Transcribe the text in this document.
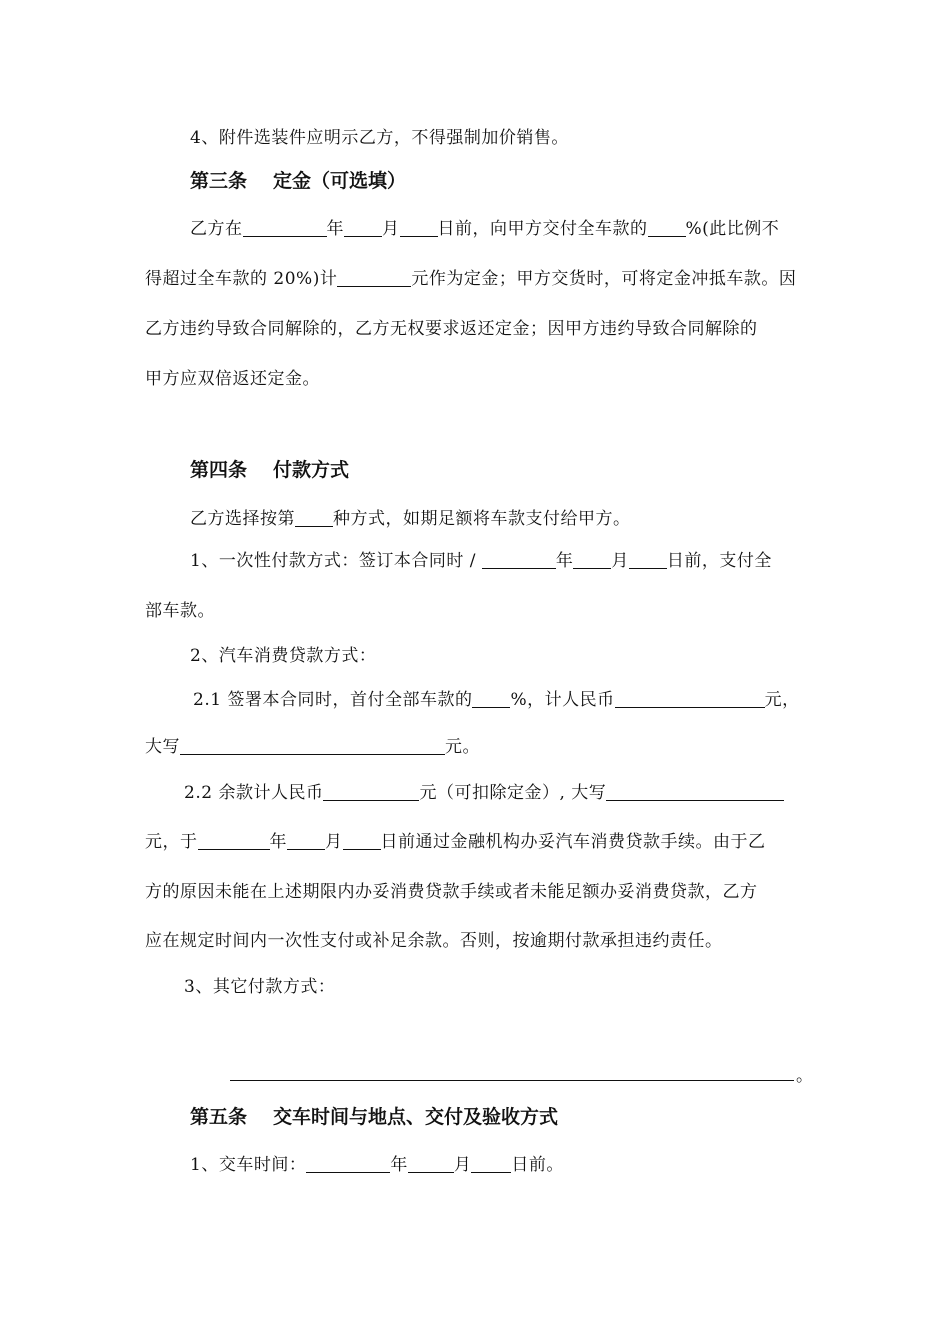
4、附件选装件应明示乙方，不得强制加价销售。
第三条 定金（可选填）
乙方在	年 月 日前，向甲方交付全车款的 %(此比例不
得超过全车款的 20%)计	元作为定金；甲方交货时，可将定金冲抵车款。因
乙方违约导致合同解除的，乙方无权要求返还定金；因甲方违约导致合同解除的
甲方应双倍返还定金。
第四条 付款方式
乙方选择按第 种方式，如期足额将车款支付给甲方。
1、一次性付款方式：签订本合同时 /	年 月 日前，支付全
部车款。
2、汽车消费贷款方式：
2.1 签署本合同时，首付全部车款的 %，计人民币	元，
大写	元。
2.2 余款计人民币	元（可扣除定金）, 大写
元，于	年 月 日前通过金融机构办妥汽车消费贷款手续。由于乙
方的原因未能在上述期限内办妥消费贷款手续或者未能足额办妥消费贷款，乙方
应在规定时间内一次性支付或补足余款。否则，按逾期付款承担违约责任。
3、其它付款方式：
。
第五条 交车时间与地点、交付及验收方式
1、交车时间：	年	月 日前。
